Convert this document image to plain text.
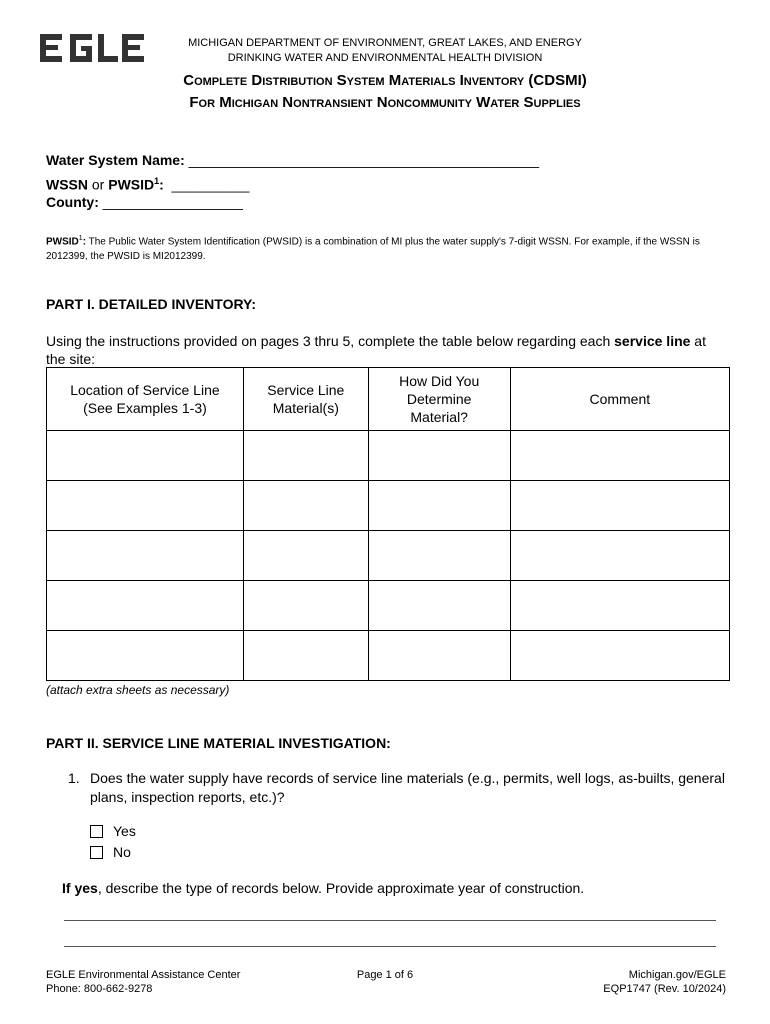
EGLE
MICHIGAN DEPARTMENT OF ENVIRONMENT, GREAT LAKES, AND ENERGY
DRINKING WATER AND ENVIRONMENTAL HEALTH DIVISION
Complete Distribution System Materials Inventory (CDSMI)
For Michigan Nontransient Noncommunity Water Supplies
Water System Name: _____________________________________________
WSSN or PWSID$^1$: __________
County: __________________
PWSID$^1$: The Public Water System Identification (PWSID) is a combination of MI plus the water supply's 7-digit WSSN. For example, if the WSSN is 2012399, the PWSID is MI2012399.
PART I. DETAILED INVENTORY:
Using the instructions provided on pages 3 thru 5, complete the table below regarding each service line at the site:
Location of Service Line (See Examples 1-3)	Service Line Material(s)	How Did You Determine Material?	Comment

(attach extra sheets as necessary)
PART II. SERVICE LINE MATERIAL INVESTIGATION:
1. Does the water supply have records of service line materials (e.g., permits, well logs, as-builts, general plans, inspection reports, etc.)?
Yes
No
If yes, describe the type of records below. Provide approximate year of construction.
EGLE Environmental Assistance Center
Phone: 800-662-9278
Page 1 of 6	Michigan.gov/EGLE
EQP1747 (Rev. 10/2024)
